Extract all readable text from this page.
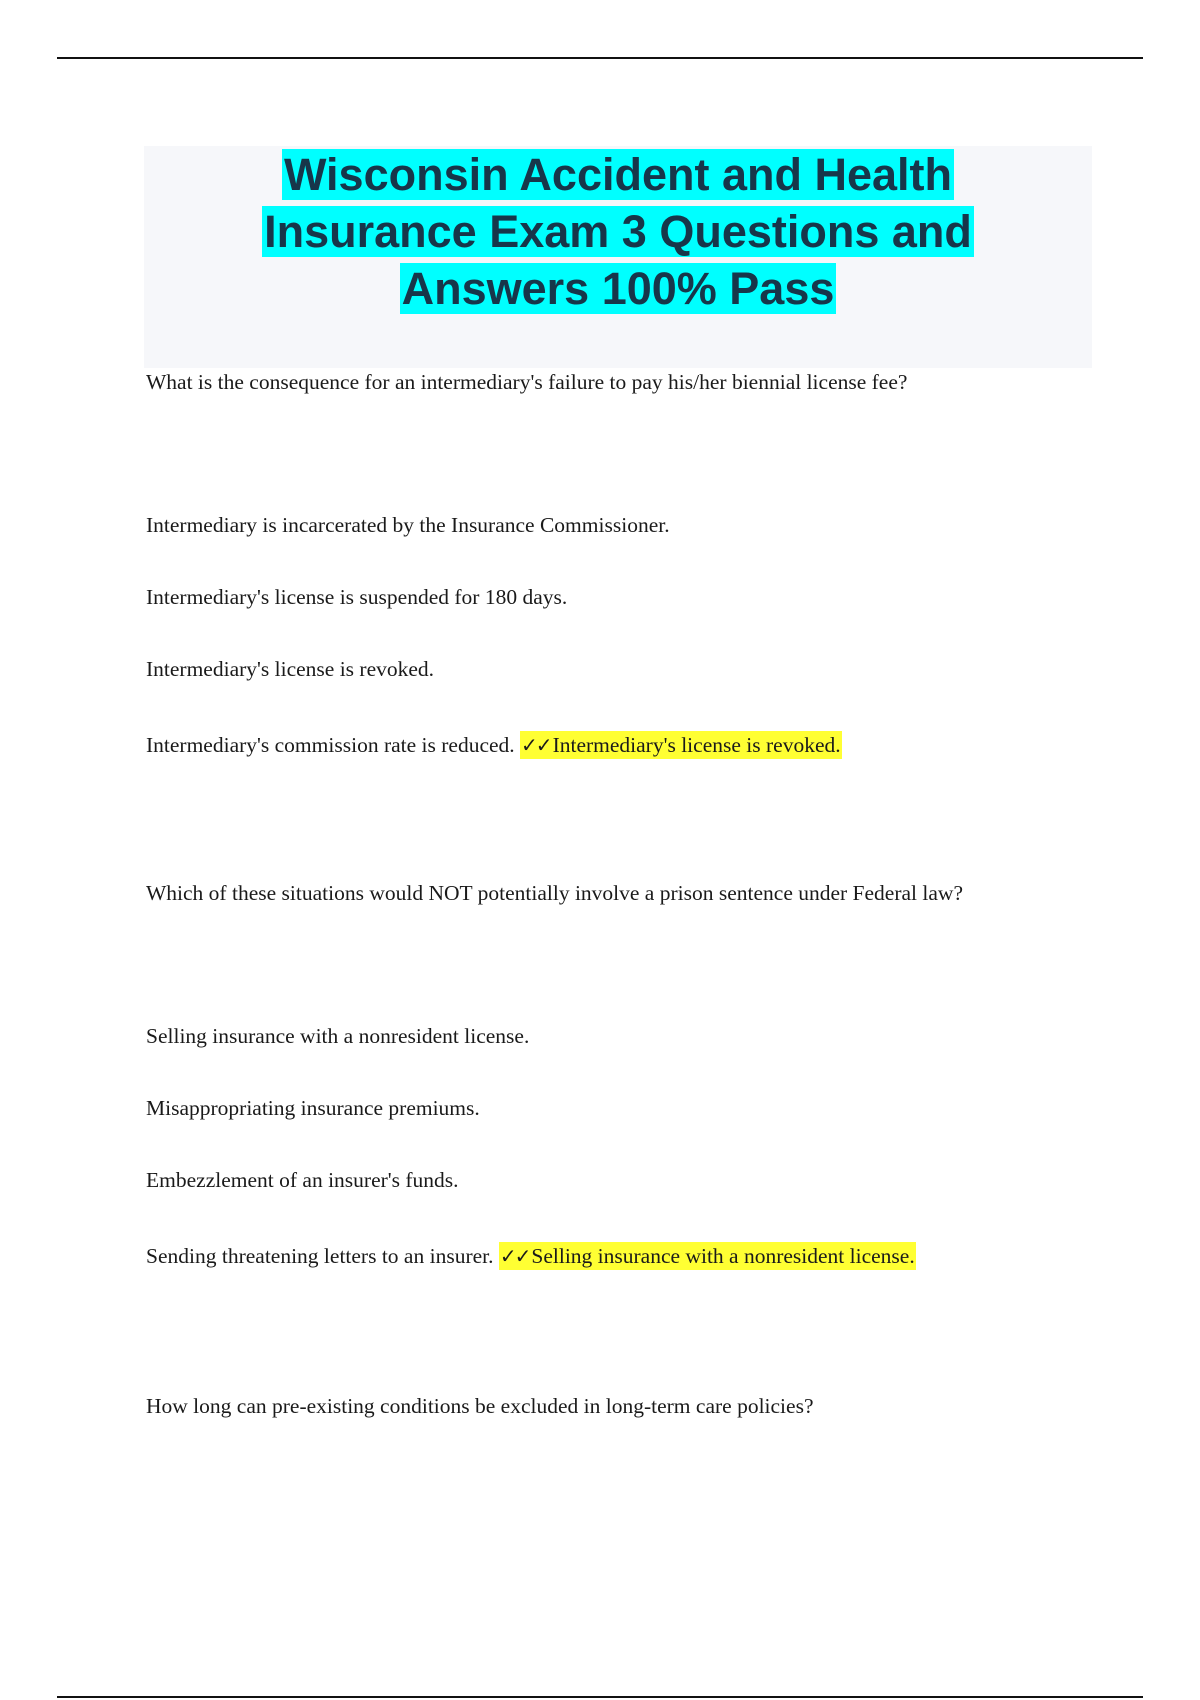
Wisconsin Accident and Health
Insurance Exam 3 Questions and
Answers 100% Pass
What is the consequence for an intermediary's failure to pay his/her biennial license fee?
Intermediary is incarcerated by the Insurance Commissioner.
Intermediary's license is suspended for 180 days.
Intermediary's license is revoked.
Intermediary's commission rate is reduced. ✓✓Intermediary's license is revoked.
Which of these situations would NOT potentially involve a prison sentence under Federal law?
Selling insurance with a nonresident license.
Misappropriating insurance premiums.
Embezzlement of an insurer's funds.
Sending threatening letters to an insurer. ✓✓Selling insurance with a nonresident license.
How long can pre-existing conditions be excluded in long-term care policies?
